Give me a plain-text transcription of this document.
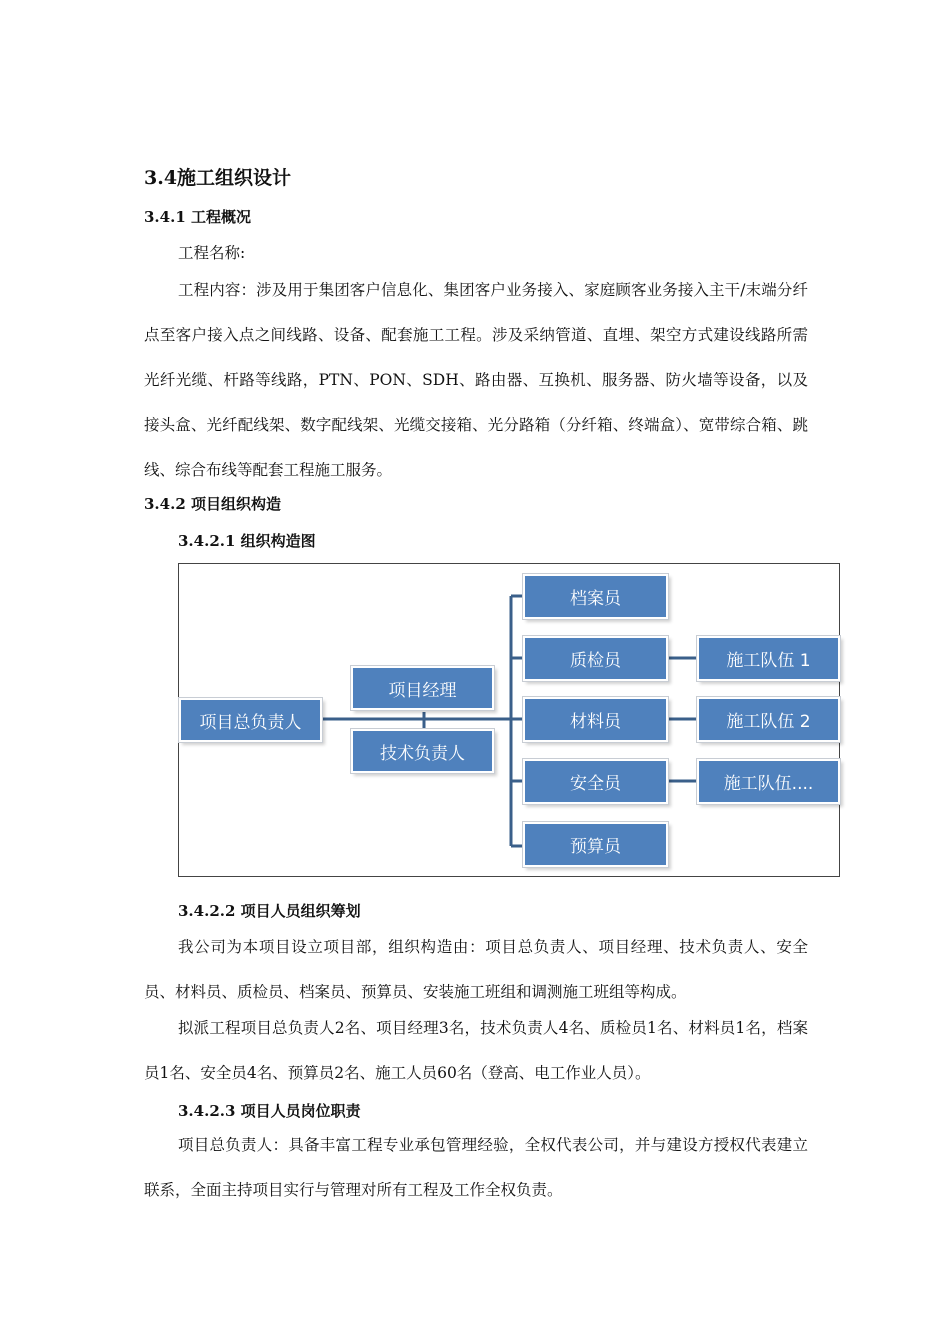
3.4施工组织设计
3.4.1 工程概况

工程名称:

工程内容：涉及用于集团客户信息化、集团客户业务接入、家庭顾客业务接入主干/末端分纤点至客户接入点之间线路、设备、配套施工工程。涉及采纳管道、直埋、架空方式建设线路所需光纤光缆、杆路等线路，PTN、PON、SDH、路由器、互换机、服务器、防火墙等设备，以及接头盒、光纤配线架、数字配线架、光缆交接箱、光分路箱（分纤箱、终端盒）、宽带综合箱、跳线、综合布线等配套工程施工服务。

3.4.2 项目组织构造
3.4.2.1 组织构造图
项目总负责人
项目经理
技术负责人
档案员
质检员
材料员
安全员
预算员
施工队伍 1
施工队伍 2
施工队伍....
3.4.2.2 项目人员组织筹划

我公司为本项目设立项目部，组织构造由：项目总负责人、项目经理、技术负责人、安全员、材料员、质检员、档案员、预算员、安装施工班组和调测施工班组等构成。

拟派工程项目总负责人2名、项目经理3名，技术负责人4名、质检员1名、材料员1名，档案员1名、安全员4名、预算员2名、施工人员60名（登高、电工作业人员）。

3.4.2.3 项目人员岗位职责

项目总负责人：具备丰富工程专业承包管理经验，全权代表公司，并与建设方授权代表建立联系，全面主持项目实行与管理对所有工程及工作全权负责。
